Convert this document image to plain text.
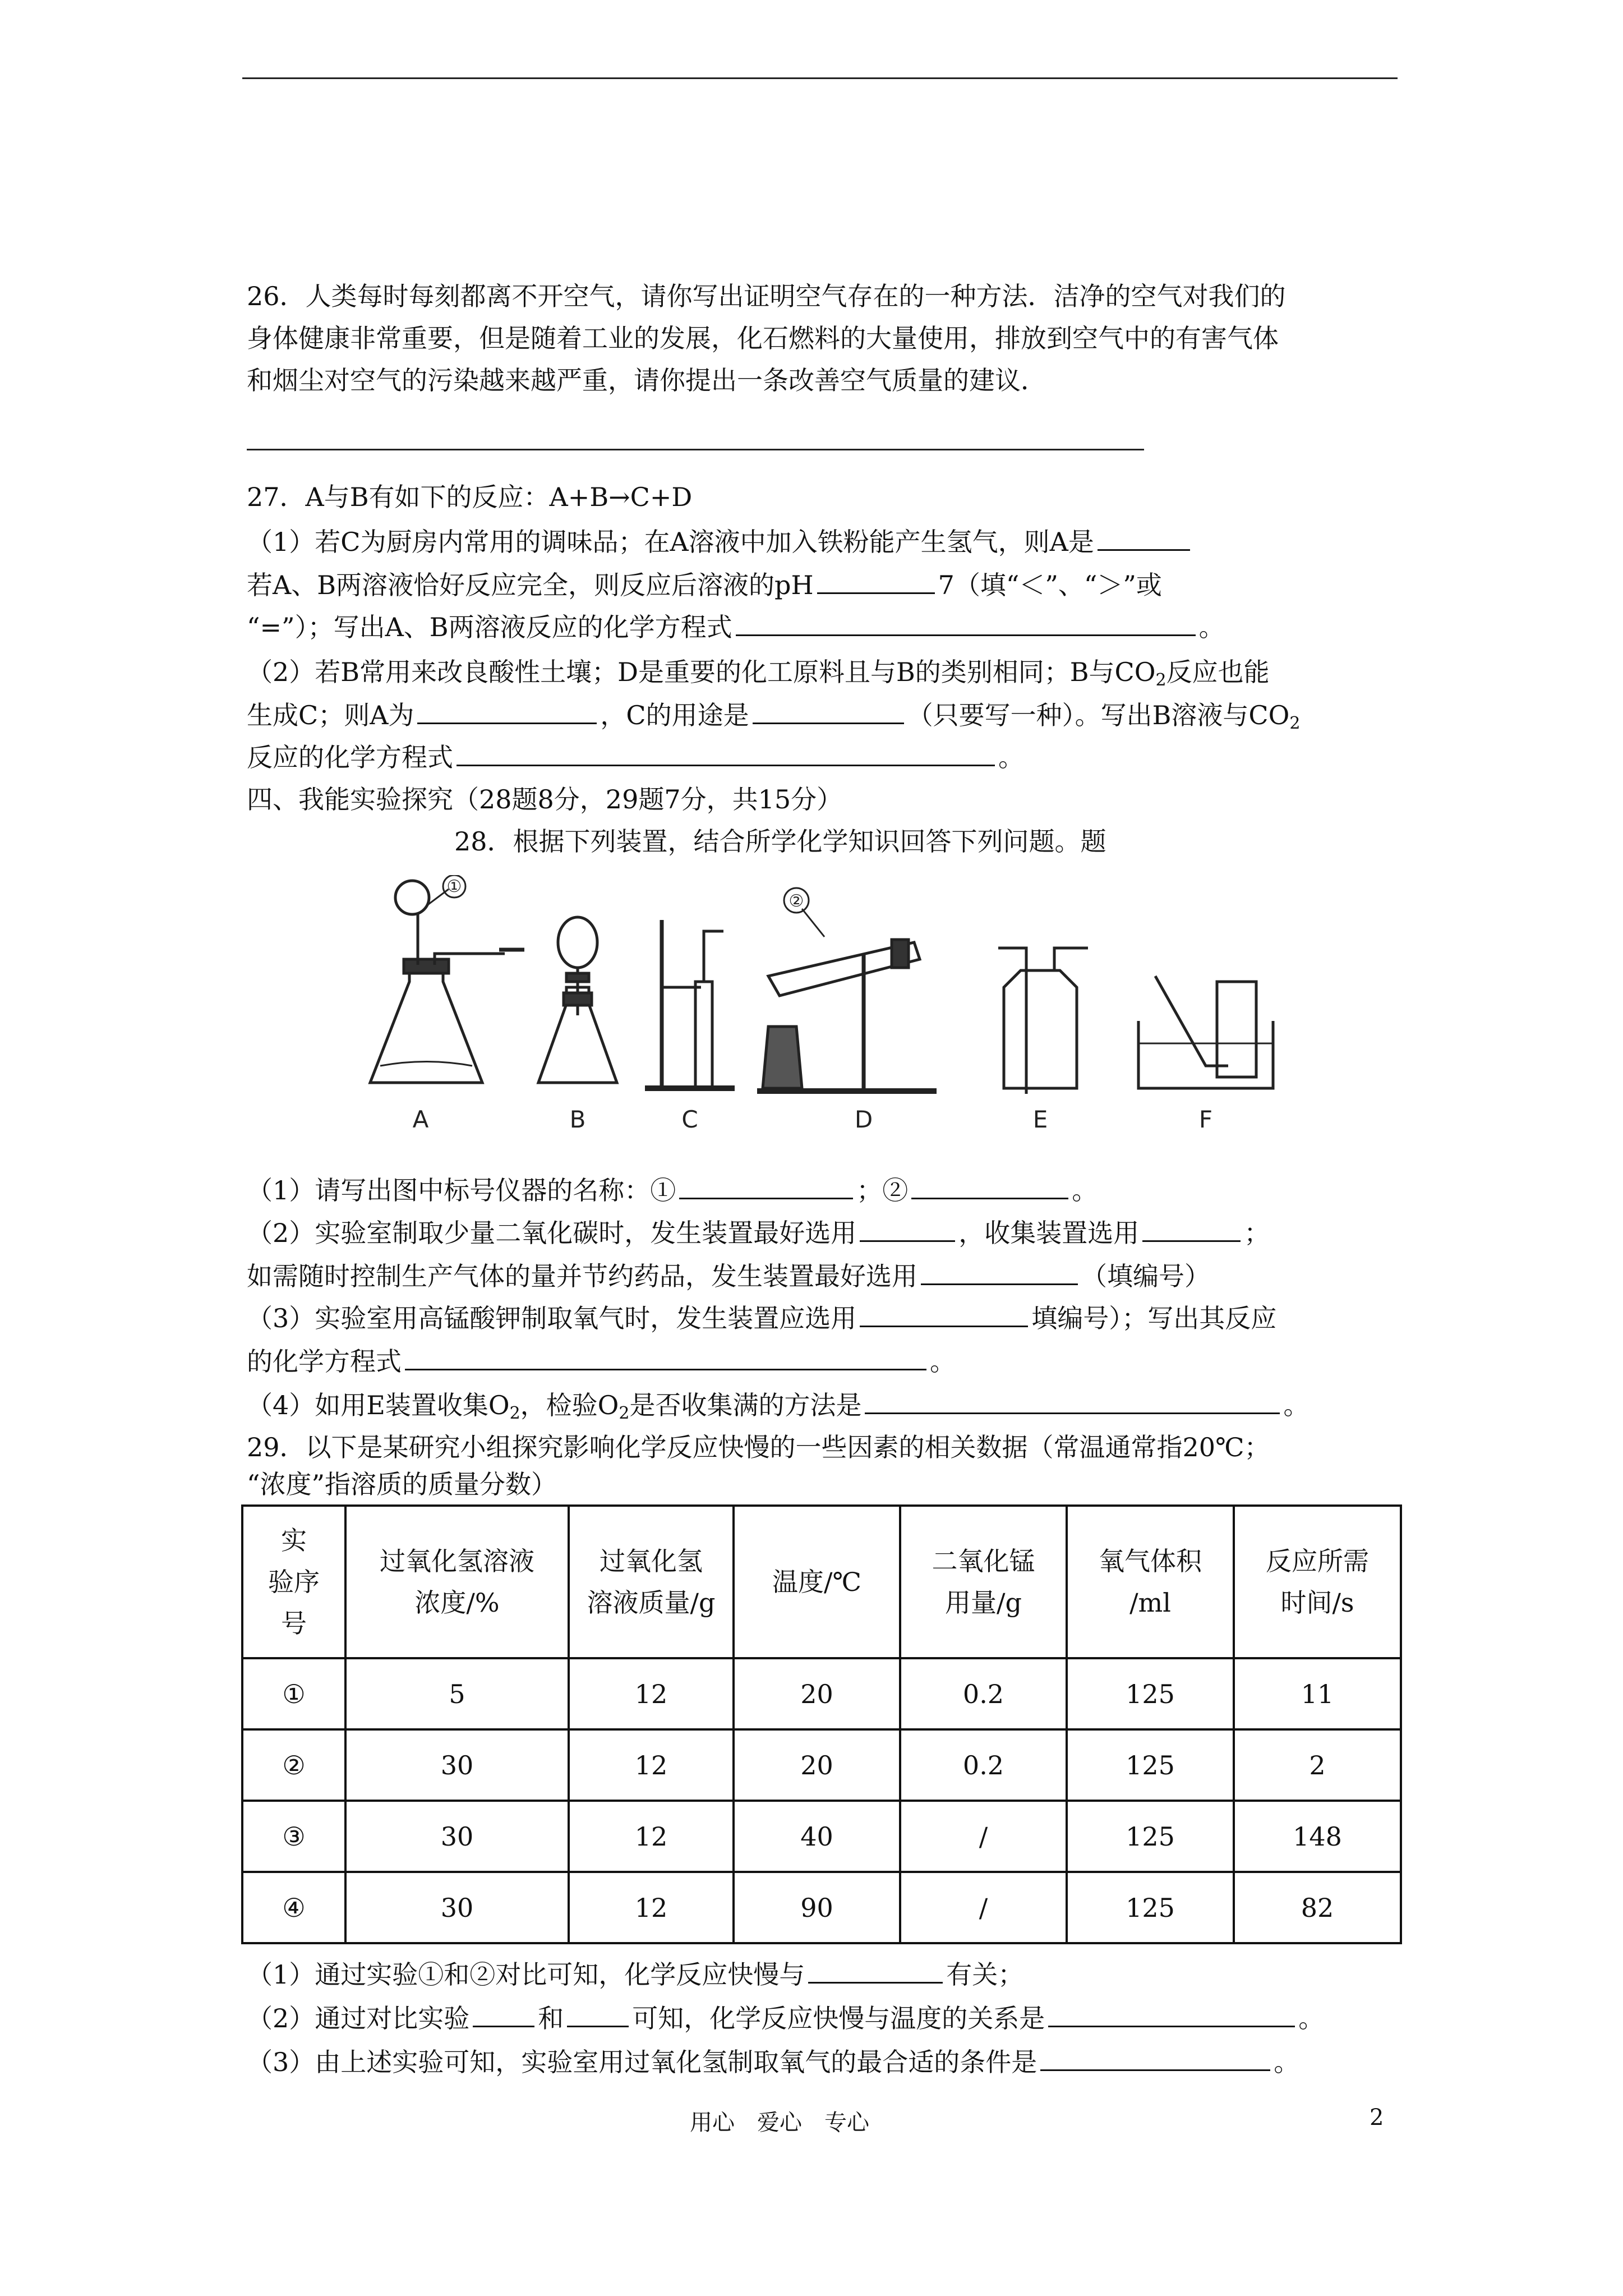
26．人类每时每刻都离不开空气，请你写出证明空气存在的一种方法．洁净的空气对我们的
身体健康非常重要，但是随着工业的发展，化石燃料的大量使用，排放到空气中的有害气体
和烟尘对空气的污染越来越严重，请你提出一条改善空气质量的建议．
27．A与B有如下的反应：A+B→C+D
（1）若C为厨房内常用的调味品；在A溶液中加入铁粉能产生氢气，则A是
若A、B两溶液恰好反应完全，则反应后溶液的pH	7（填“＜”、“＞”或
“=”）；写出A、B两溶液反应的化学方程式	。
（2）若B常用来改良酸性土壤；D是重要的化工原料且与B的类别相同；B与$CO_2$反应也能
生成C；则A为	，C的用途是	（只要写一种）。写出B溶液与$CO_2$
反应的化学方程式	。
四、我能实验探究（28题8分，29题7分，共15分）
28．根据下列装置，结合所学化学知识回答下列问题。题
①
A	B	C
②
D	E	F
（1）请写出图中标号仪器的名称：①	；②	。
（2）实验室制取少量二氧化碳时，发生装置最好选用	，收集装置选用	；
如需随时控制生产气体的量并节约药品，发生装置最好选用	（填编号）
（3）实验室用高锰酸钾制取氧气时，发生装置应选用	填编号）；写出其反应
的化学方程式	。
（4）如用E装置收集$O_2$，检验$O_2$是否收集满的方法是	。
29．以下是某研究小组探究影响化学反应快慢的一些因素的相关数据（常温通常指20℃；
“浓度”指溶质的质量分数）
实
验序
号	过氧化氢溶液
浓度/%	过氧化氢
溶液质量/g	温度/℃	二氧化锰
用量/g	氧气体积
/ml	反应所需
时间/s
①	5	12	20	0.2	125	11
②	30	12	20	0.2	125	2
③	30	12	40	/	125	148
④	30	12	90	/	125	82
（1）通过实验①和②对比可知，化学反应快慢与	有关；
（2）通过对比实验	和	可知，化学反应快慢与温度的关系是	。
（3）由上述实验可知，实验室用过氧化氢制取氧气的最合适的条件是	。
用心　爱心　专心	2
